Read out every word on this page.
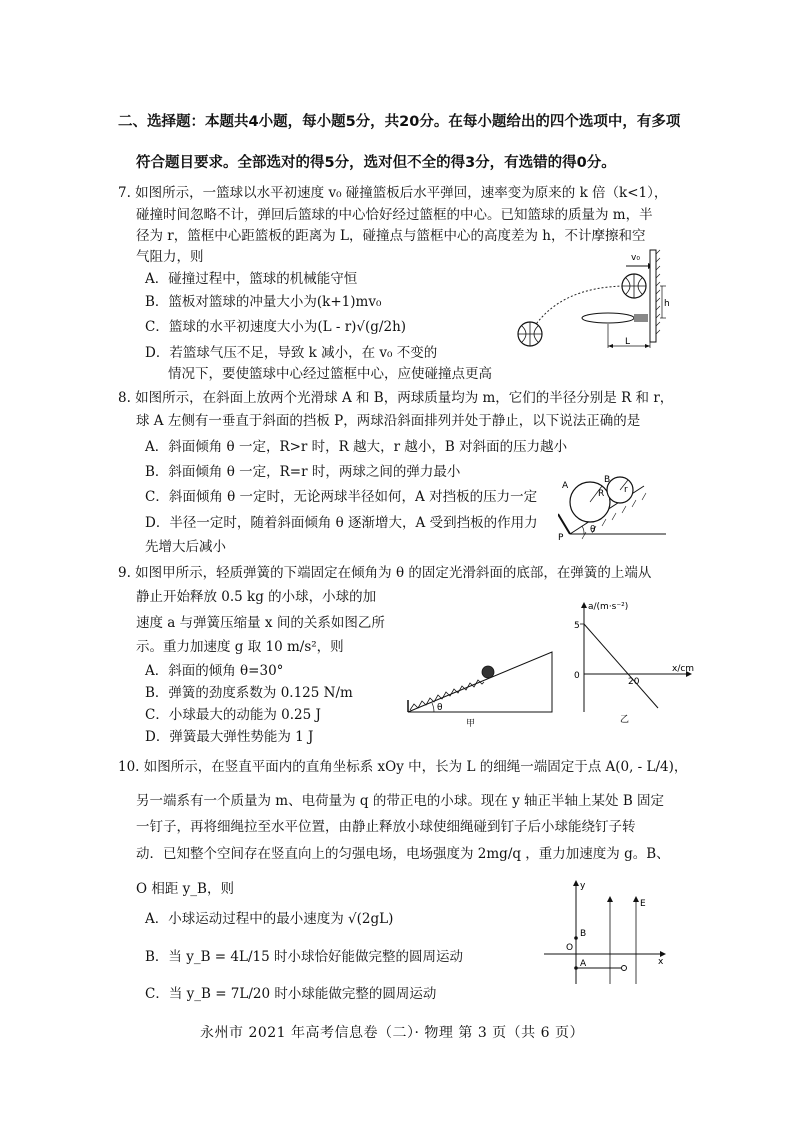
二、选择题：本题共4小题，每小题5分，共20分。在每小题给出的四个选项中，有多项
符合题目要求。全部选对的得5分，选对但不全的得3分，有选错的得0分。
7. 如图所示，一篮球以水平初速度 v₀ 碰撞篮板后水平弹回，速率变为原来的 k 倍（k<1），
碰撞时间忽略不计，弹回后篮球的中心恰好经过篮框的中心。已知篮球的质量为 m，半
径为 r，篮框中心距篮板的距离为 L，碰撞点与篮框中心的高度差为 h，不计摩擦和空
气阻力，则
A．碰撞过程中，篮球的机械能守恒
B．篮板对篮球的冲量大小为(k+1)mv₀
C．篮球的水平初速度大小为(L - r)√(g/2h)
D．若篮球气压不足，导致 k 减小，在 v₀ 不变的
情况下，要使篮球中心经过篮框中心，应使碰撞点更高
v₀
h
L
8. 如图所示，在斜面上放两个光滑球 A 和 B，两球质量均为 m，它们的半径分别是 R 和 r，
球 A 左侧有一垂直于斜面的挡板 P，两球沿斜面排列并处于静止，以下说法正确的是
A．斜面倾角 θ 一定，R>r 时，R 越大，r 越小，B 对斜面的压力越小
B．斜面倾角 θ 一定，R=r 时，两球之间的弹力最小
C．斜面倾角 θ 一定时，无论两球半径如何，A 对挡板的压力一定
D．半径一定时，随着斜面倾角 θ 逐渐增大，A 受到挡板的作用力
先增大后减小
A
B
R r
P
θ
9. 如图甲所示，轻质弹簧的下端固定在倾角为 θ 的固定光滑斜面的底部，在弹簧的上端从
静止开始释放 0.5 kg 的小球，小球的加
速度 a 与弹簧压缩量 x 间的关系如图乙所
示。重力加速度 g 取 10 m/s²，则
A．斜面的倾角 θ=30°
B．弹簧的劲度系数为 0.125 N/m
C．小球最大的动能为 0.25 J
D．弹簧最大弹性势能为 1 J
θ
甲
a/(m·s⁻²)
x/cm
5
0
20
乙
10. 如图所示，在竖直平面内的直角坐标系 xOy 中，长为 L 的细绳一端固定于点 A(0, - L/4)，
另一端系有一个质量为 m、电荷量为 q 的带正电的小球。现在 y 轴正半轴上某处 B 固定
一钉子，再将细绳拉至水平位置，由静止释放小球使细绳碰到钉子后小球能绕钉子转
动．已知整个空间存在竖直向上的匀强电场，电场强度为 2mg/q ，重力加速度为 g。B、
O 相距 y_B，则
A．小球运动过程中的最小速度为 √(2gL)
B．当 y_B = 4L/15 时小球恰好能做完整的圆周运动
C．当 y_B = 7L/20 时小球能做完整的圆周运动
y
x
E
O
B
A
永州市 2021 年高考信息卷（二）· 物理 第 3 页（共 6 页）
